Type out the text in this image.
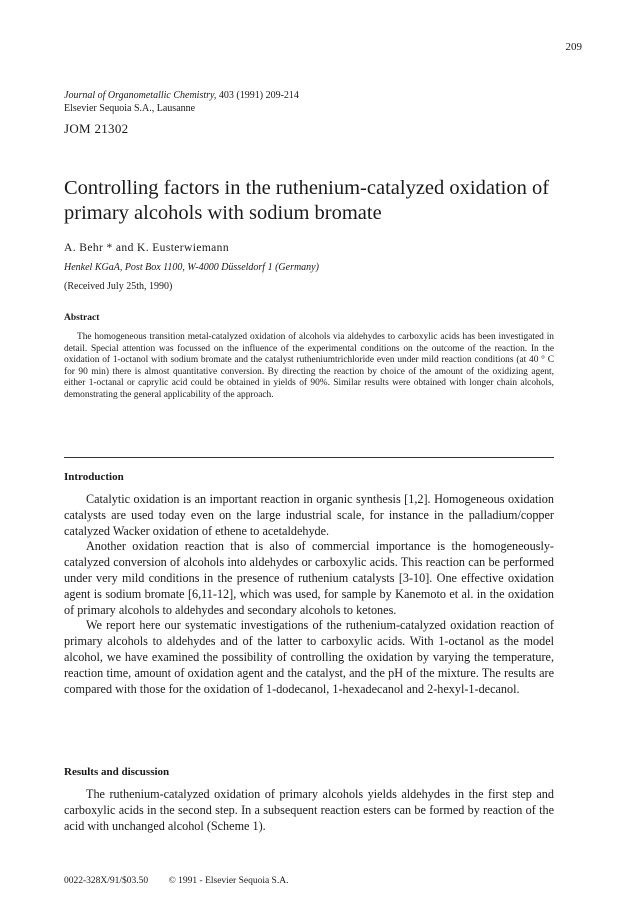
209
Journal of Organometallic Chemistry, 403 (1991) 209-214
Elsevier Sequoia S.A., Lausanne
JOM 21302
Controlling factors in the ruthenium-catalyzed oxidation of primary alcohols with sodium bromate
A. Behr * and K. Eusterwiemann
Henkel KGaA, Post Box 1100, W-4000 Düsseldorf 1 (Germany)
(Received July 25th, 1990)
Abstract

The homogeneous transition metal-catalyzed oxidation of alcohols via aldehydes to carboxylic acids has been investigated in detail. Special attention was focussed on the influence of the experimental conditions on the outcome of the reaction. In the oxidation of 1-octanol with sodium bromate and the catalyst rutheniumtrichloride even under mild reaction conditions (at 40 ° C for 90 min) there is almost quantitative conversion. By directing the reaction by choice of the amount of the oxidizing agent, either 1-octanal or caprylic acid could be obtained in yields of 90%. Similar results were obtained with longer chain alcohols, demonstrating the general applicability of the approach.

Introduction

Catalytic oxidation is an important reaction in organic synthesis [1,2]. Homogeneous oxidation catalysts are used today even on the large industrial scale, for instance in the palladium/copper catalyzed Wacker oxidation of ethene to acetaldehyde.

Another oxidation reaction that is also of commercial importance is the homogeneously-catalyzed conversion of alcohols into aldehydes or carboxylic acids. This reaction can be performed under very mild conditions in the presence of ruthenium catalysts [3-10]. One effective oxidation agent is sodium bromate [6,11-12], which was used, for sample by Kanemoto et al. in the oxidation of primary alcohols to aldehydes and secondary alcohols to ketones.

We report here our systematic investigations of the ruthenium-catalyzed oxidation reaction of primary alcohols to aldehydes and of the latter to carboxylic acids. With 1-octanol as the model alcohol, we have examined the possibility of controlling the oxidation by varying the temperature, reaction time, amount of oxidation agent and the catalyst, and the pH of the mixture. The results are compared with those for the oxidation of 1-dodecanol, 1-hexadecanol and 2-hexyl-1-decanol.

Results and discussion

The ruthenium-catalyzed oxidation of primary alcohols yields aldehydes in the first step and carboxylic acids in the second step. In a subsequent reaction esters can be formed by reaction of the acid with unchanged alcohol (Scheme 1).

0022-328X/91/$03.50 © 1991 - Elsevier Sequoia S.A.
